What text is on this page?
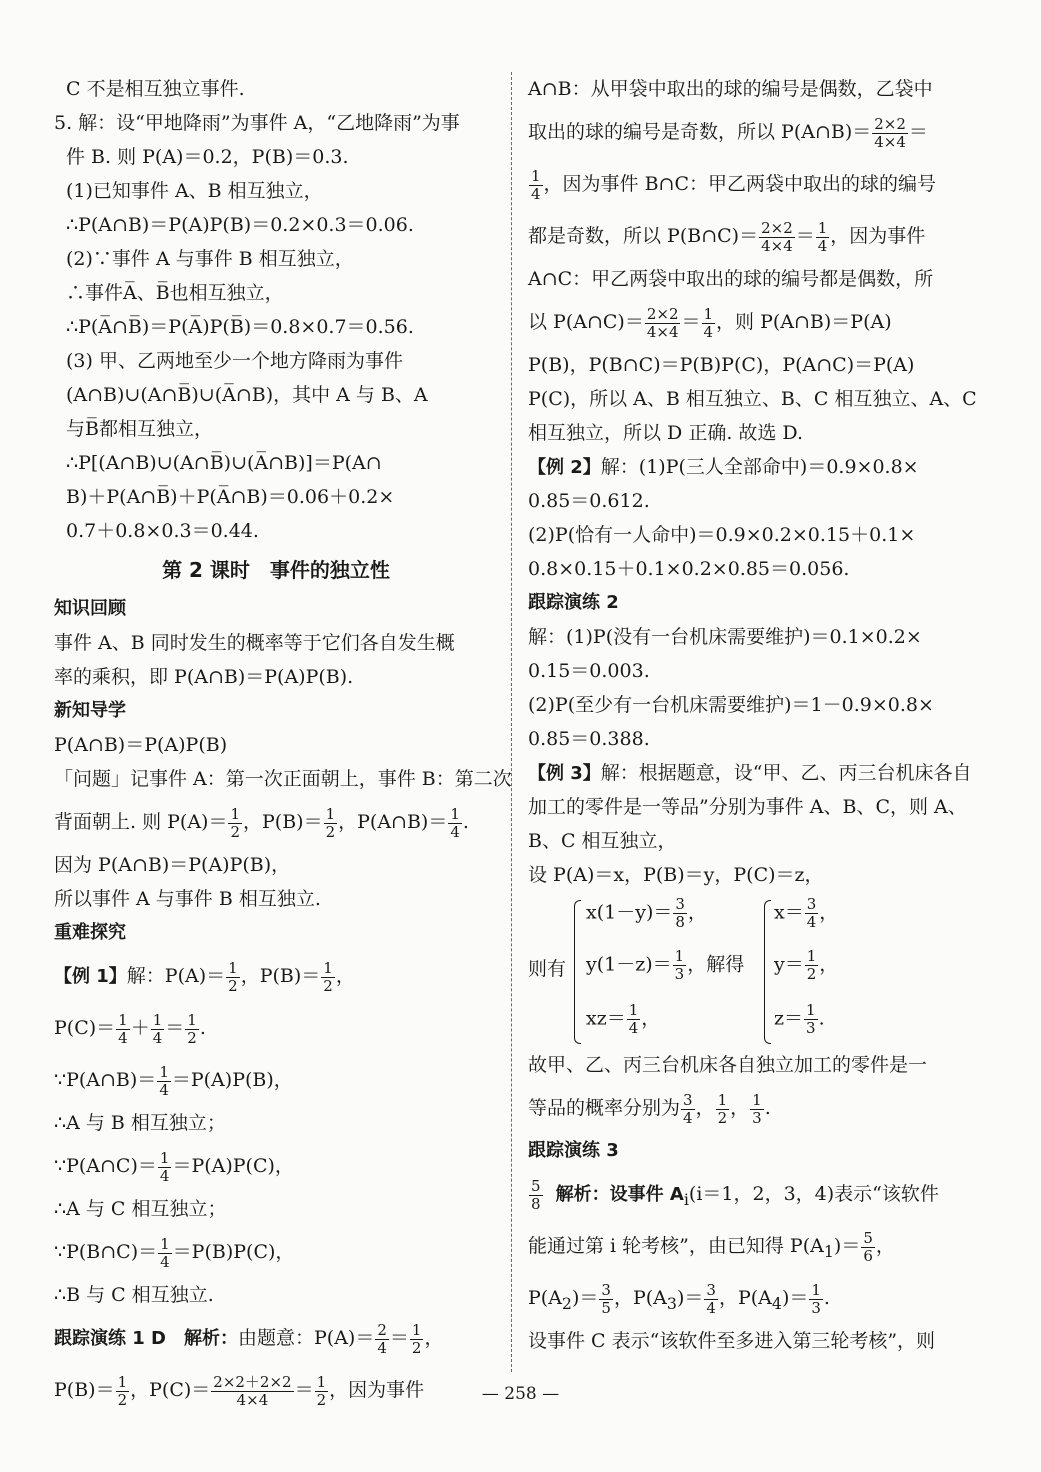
C 不是相互独立事件.
5. 解：设“甲地降雨”为事件 A，“乙地降雨”为事
件 B. 则 P(A)＝0.2，P(B)＝0.3.
(1)已知事件 A、B 相互独立，
∴P(A∩B)＝P(A)P(B)＝0.2×0.3＝0.06.
(2)∵事件 A 与事件 B 相互独立，
∴事件A̅、B̅也相互独立，
∴P(A̅∩B̅)＝P(A̅)P(B̅)＝0.8×0.7＝0.56.
(3) 甲、乙两地至少一个地方降雨为事件
(A∩B)∪(A∩B̅)∪(A̅∩B)，其中 A 与 B、A
与B̅都相互独立，
∴P[(A∩B)∪(A∩B̅)∪(A̅∩B)]＝P(A∩
B)＋P(A∩B̅)＋P(A̅∩B)＝0.06＋0.2×
0.7＋0.8×0.3＝0.44.
第 2 课时　事件的独立性
知识回顾
事件 A、B 同时发生的概率等于它们各自发生概
率的乘积，即 P(A∩B)＝P(A)P(B).
新知导学
P(A∩B)＝P(A)P(B)
「问题」记事件 A：第一次正面朝上，事件 B：第二次
背面朝上. 则 $P(A)= \frac{1}{2}$ ，$P(B)= \frac{1}{2}$ ，P(A∩B)＝ $\frac{1}{4}$ .
因为 P(A∩B)＝P(A)P(B)，
所以事件 A 与事件 B 相互独立.
重难探究
【例 1】解：$P(A)= \frac{1}{2}$ ，$P(B)= \frac{1}{2}$ ，
$P(C)= \frac{1}{4} + \frac{1}{4} = \frac{1}{2}$ .
∵P(A∩B)＝ $\frac{1}{4} =P(A)P(B)$，
∴A 与 B 相互独立；
∵P(A∩C)＝ $\frac{1}{4} =P(A)P(C)$，
∴A 与 C 相互独立；
∵P(B∩C)＝ $\frac{1}{4} =P(B)P(C)$，
∴B 与 C 相互独立.
跟踪演练 1 D　解析：由题意：$P(A)= \frac{2}{4} = \frac{1}{2}$ ，
$P(B)= \frac{1}{2}$ ，$P(C)= \frac{2\times 2+2\times 2}{4\times 4} = \frac{1}{2}$ ，因为事件
A∩B：从甲袋中取出的球的编号是偶数，乙袋中
取出的球的编号是奇数，所以 P(A∩B)＝ $\frac{2\times 2}{4\times 4}$ ＝
$\frac{1}{4}$ ，因为事件 B∩C：甲乙两袋中取出的球的编号
都是奇数，所以 P(B∩C)＝ $\frac{2\times 2}{4\times 4} = \frac{1}{4}$ ，因为事件
A∩C：甲乙两袋中取出的球的编号都是偶数，所
以 P(A∩C)＝ $\frac{2\times 2}{4\times 4} = \frac{1}{4}$ ，则 P(A∩B)＝P(A)
P(B)，P(B∩C)＝P(B)P(C)，P(A∩C)＝P(A)
P(C)，所以 A、B 相互独立、B、C 相互独立、A、C
相互独立，所以 D 正确. 故选 D.
【例 2】解：(1)P(三人全部命中)＝0.9×0.8×
0.85＝0.612.
(2)P(恰有一人命中)＝0.9×0.2×0.15＋0.1×
0.8×0.15＋0.1×0.2×0.85＝0.056.
跟踪演练 2
解：(1)P(没有一台机床需要维护)＝0.1×0.2×
0.15＝0.003.
(2)P(至少有一台机床需要维护)＝1－0.9×0.8×
0.85＝0.388.
【例 3】解：根据题意，设“甲、乙、丙三台机床各自
加工的零件是一等品”分别为事件 A、B、C，则 A、
B、C 相互独立，
设 P(A)＝x，P(B)＝y，P(C)＝z，
则有
$x(1-y)= \frac{3}{8}$ ，
$y(1-z)= \frac{1}{3}$ ，解得
$xz= \frac{1}{4}$ ，
$x= \frac{3}{4}$ ，
$y= \frac{1}{2}$ ，
$z= \frac{1}{3}$ .
故甲、乙、丙三台机床各自独立加工的零件是一
等品的概率分别为 $\frac{3}{4}$ ， $\frac{1}{2}$ ， $\frac{1}{3}$ .
跟踪演练 3
$\frac{5}{8}$ 解析：设事件 $A_i(i=1$，2，3，4)表示“该软件
能通过第 i 轮考核”，由已知得 $P(A_1)= \frac{5}{6}$ ，
$P(A_2)= \frac{3}{5}$ ，$P(A_3)= \frac{3}{4}$ ，$P(A_4)= \frac{1}{3}$ .
设事件 C 表示“该软件至多进入第三轮考核”，则
— 258 —
